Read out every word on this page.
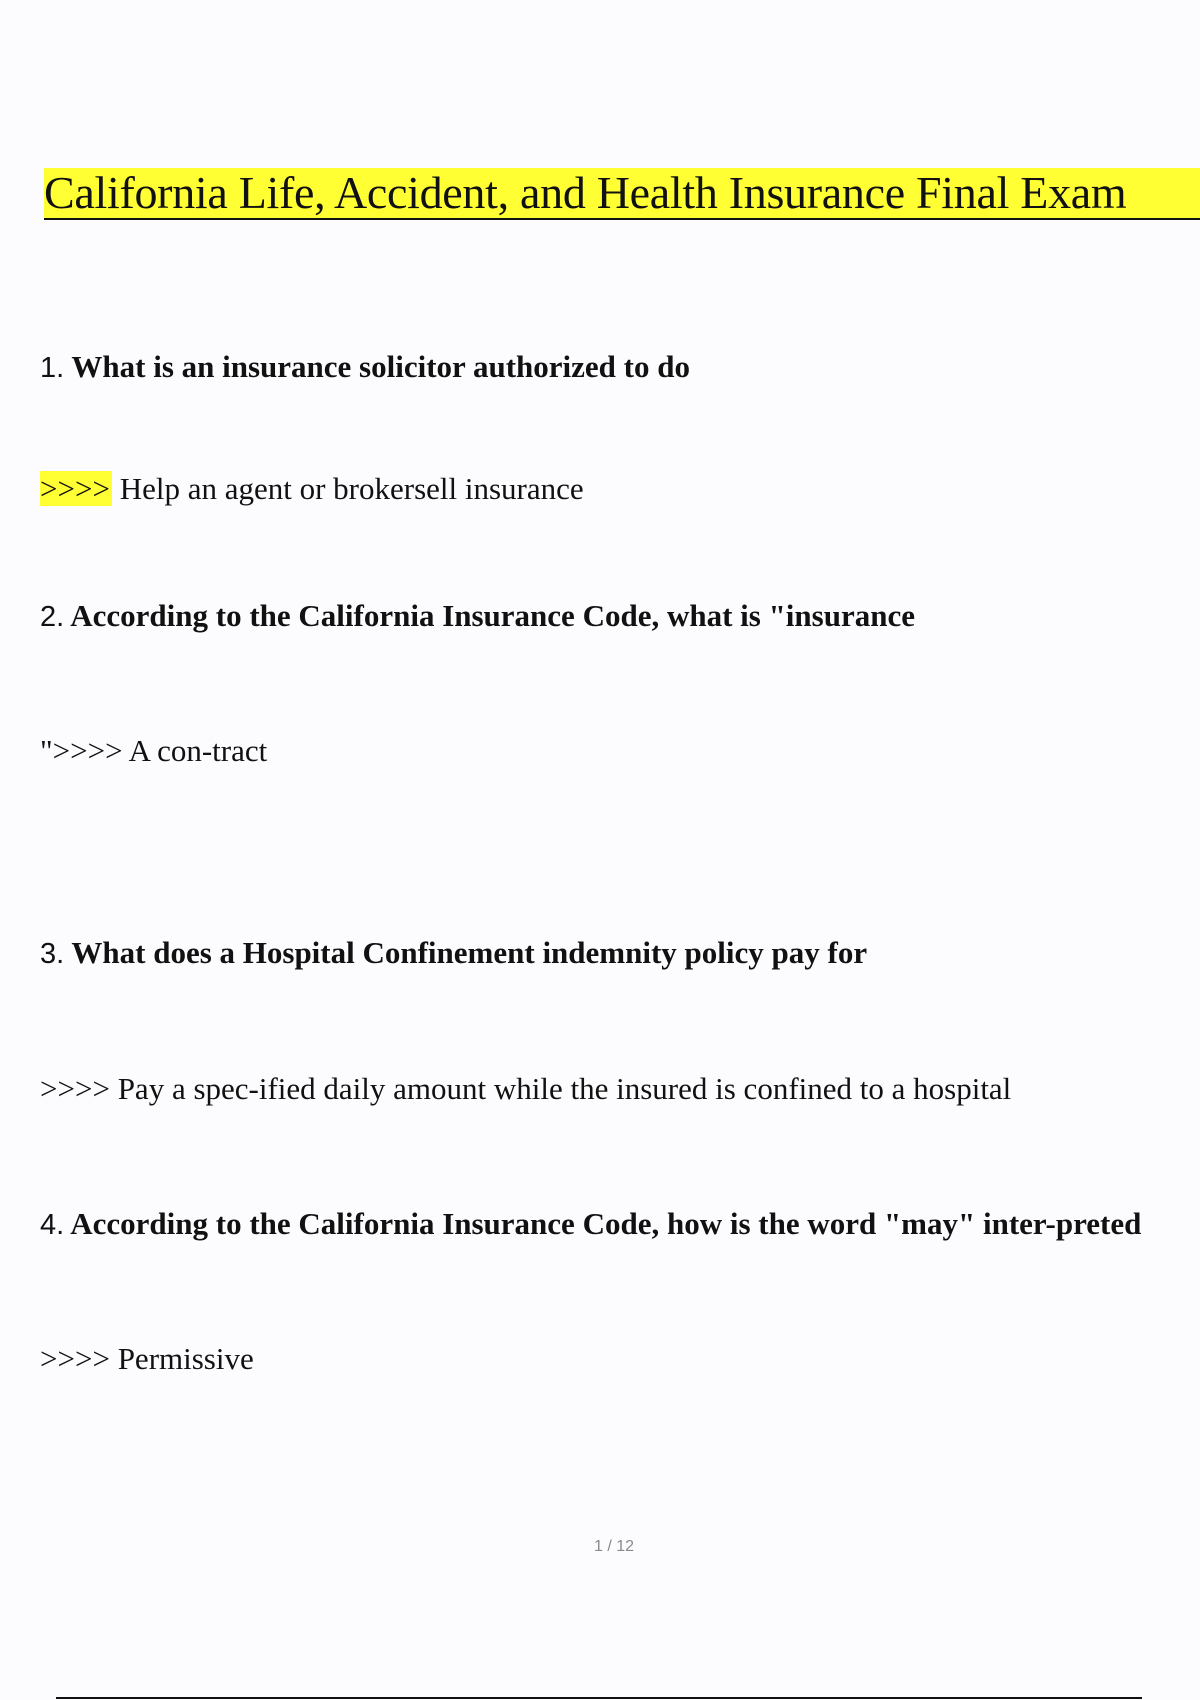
California Life, Accident, and Health Insurance Final Exam
1. What is an insurance solicitor authorized to do
>>>> Help an agent or brokersell insurance
2. According to the California Insurance Code, what is "insurance
">>>> A con-tract
3. What does a Hospital Confinement indemnity policy pay for
>>>> Pay a spec-ified daily amount while the insured is confined to a hospital
4. According to the California Insurance Code, how is the word "may" inter-preted
>>>> Permissive
1 / 12
